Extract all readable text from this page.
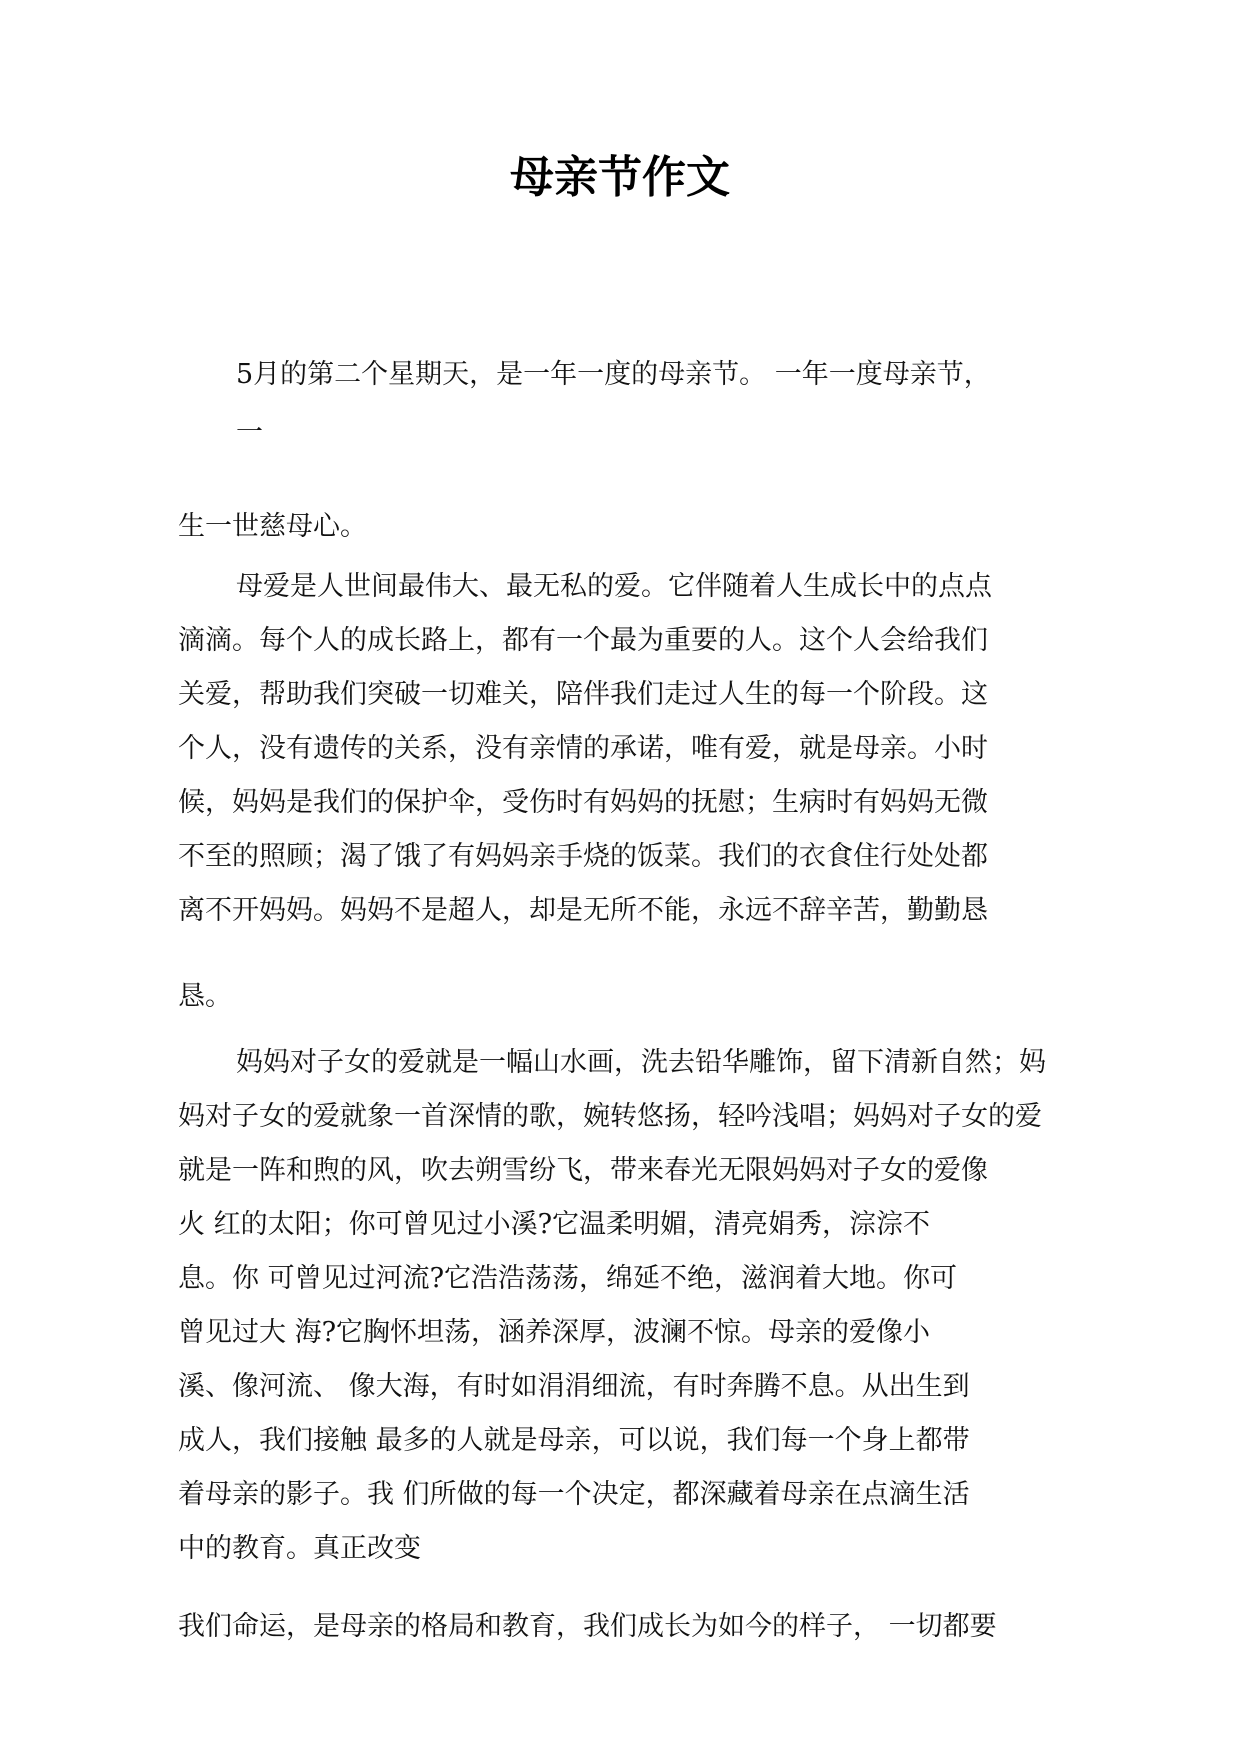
母亲节作文
5月的第二个星期天，是一年一度的母亲节。 一年一度母亲节，
一
生一世慈母心。
母爱是人世间最伟大、最无私的爱。它伴随着人生成长中的点点
滴滴。每个人的成长路上，都有一个最为重要的人。这个人会给我们
关爱，帮助我们突破一切难关，陪伴我们走过人生的每一个阶段。这
个人，没有遗传的关系，没有亲情的承诺，唯有爱，就是母亲。小时
候，妈妈是我们的保护伞，受伤时有妈妈的抚慰；生病时有妈妈无微
不至的照顾；渴了饿了有妈妈亲手烧的饭菜。我们的衣食住行处处都
离不开妈妈。妈妈不是超人，却是无所不能，永远不辞辛苦，勤勤恳
恳。
妈妈对子女的爱就是一幅山水画，洗去铅华雕饰，留下清新自然；妈
妈对子女的爱就象一首深情的歌，婉转悠扬，轻吟浅唱；妈妈对子女的爱
就是一阵和煦的风，吹去朔雪纷飞，带来春光无限妈妈对子女的爱像
火 红的太阳；你可曾见过小溪?它温柔明媚，清亮娟秀，淙淙不
息。你 可曾见过河流?它浩浩荡荡，绵延不绝，滋润着大地。你可
曾见过大 海?它胸怀坦荡，涵养深厚，波澜不惊。母亲的爱像小
溪、像河流、 像大海，有时如涓涓细流，有时奔腾不息。从出生到
成人，我们接触 最多的人就是母亲，可以说，我们每一个身上都带
着母亲的影子。我 们所做的每一个决定，都深藏着母亲在点滴生活
中的教育。真正改变
我们命运，是母亲的格局和教育，我们成长为如今的样子， 一切都要
